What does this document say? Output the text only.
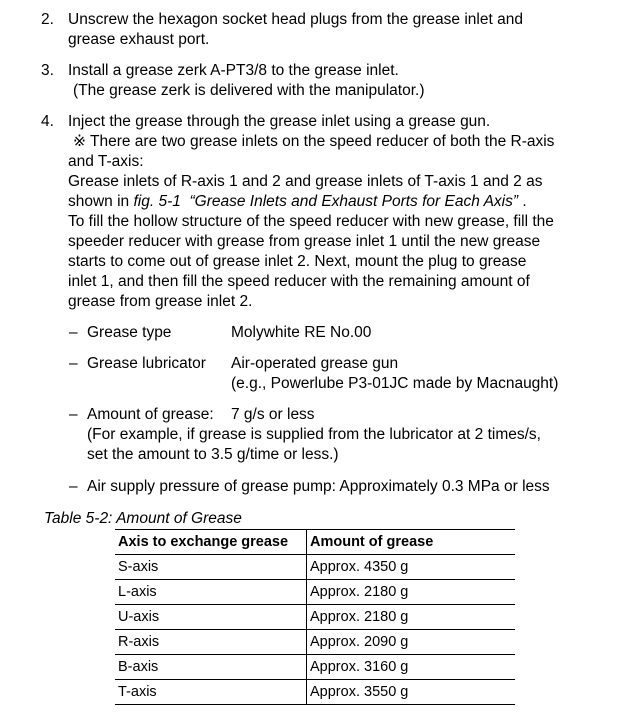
2. Unscrew the hexagon socket head plugs from the grease inlet and
grease exhaust port.
3. Install a grease zerk A-PT3/8 to the grease inlet.
(The grease zerk is delivered with the manipulator.)
4. Inject the grease through the grease inlet using a grease gun.
※ There are two grease inlets on the speed reducer of both the R-axis
and T-axis:
Grease inlets of R-axis 1 and 2 and grease inlets of T-axis 1 and 2 as
shown in fig. 5-1 “Grease Inlets and Exhaust Ports for Each Axis” .
To fill the hollow structure of the speed reducer with new grease, fill the
speeder reducer with grease from grease inlet 1 until the new grease
starts to come out of grease inlet 2. Next, mount the plug to grease
inlet 1, and then fill the speed reducer with the remaining amount of
grease from grease inlet 2.
– Grease type	Molywhite RE No.00
– Grease lubricator Air-operated grease gun
(e.g., Powerlube P3-01JC made by Macnaught)
– Amount of grease: 7 g/s or less
(For example, if grease is supplied from the lubricator at 2 times/s,
set the amount to 3.5 g/time or less.)
– Air supply pressure of grease pump: Approximately 0.3 MPa or less
Table 5-2: Amount of Grease
Axis to exchange grease	Amount of grease
S-axis	Approx. 4350 g
L-axis	Approx. 2180 g
U-axis	Approx. 2180 g
R-axis	Approx. 2090 g
B-axis	Approx. 3160 g
T-axis	Approx. 3550 g
